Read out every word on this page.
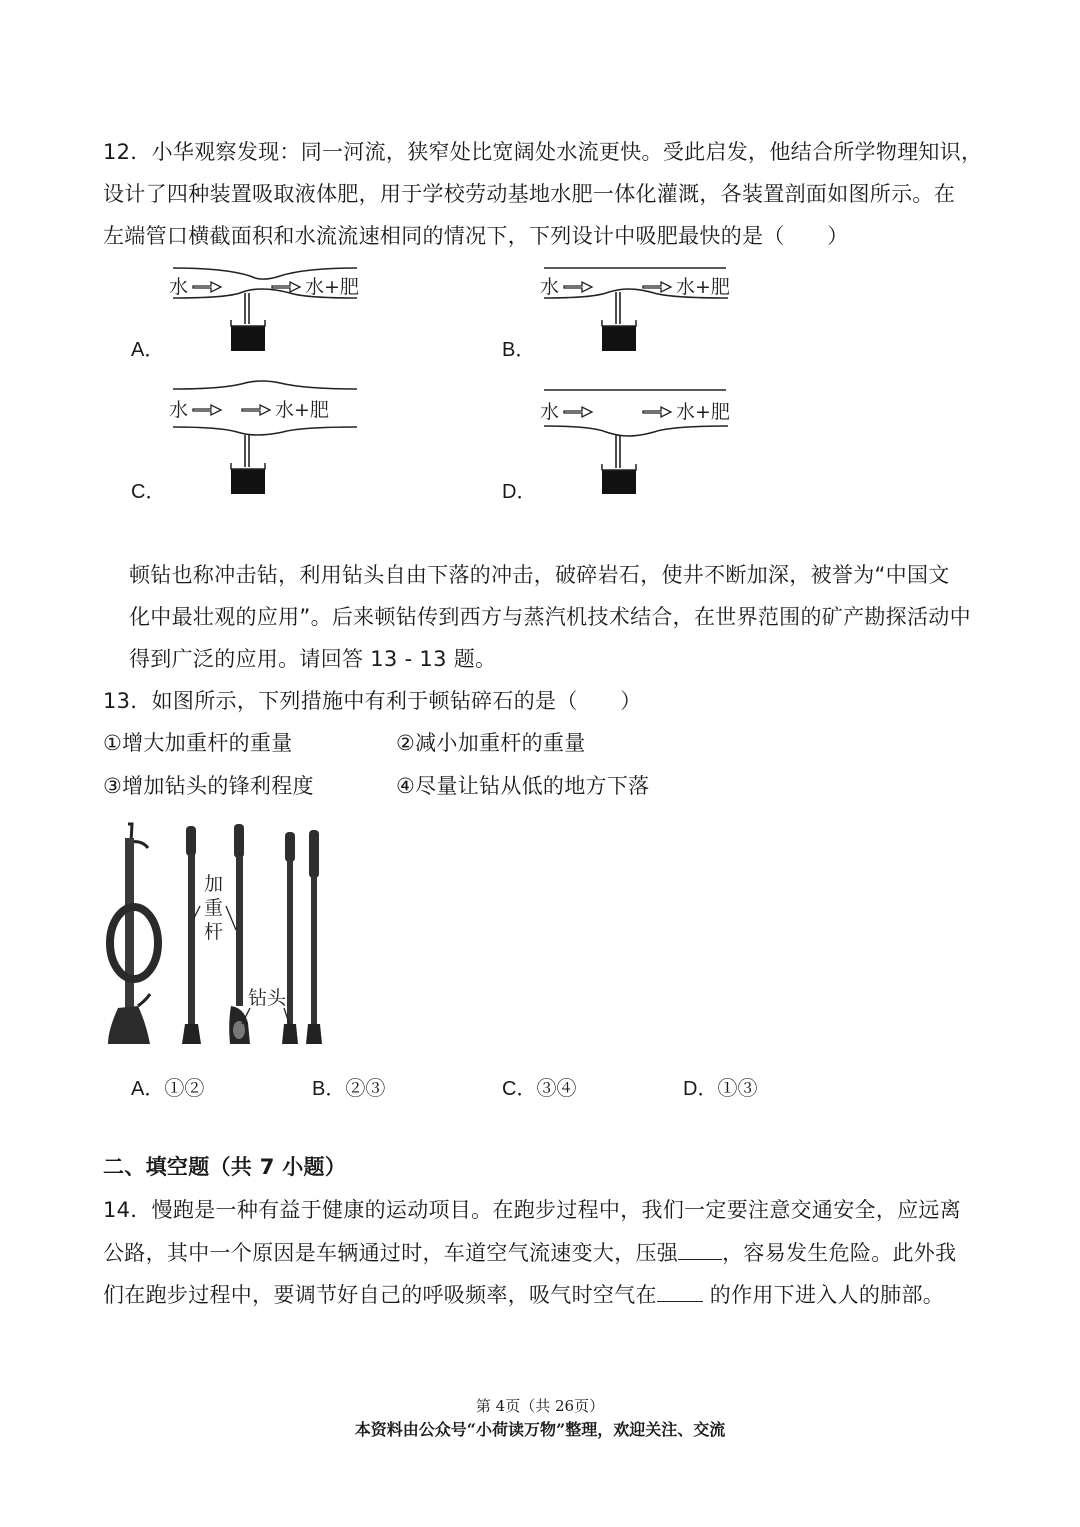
12．小华观察发现：同一河流，狭窄处比宽阔处水流更快。受此启发，他结合所学物理知识，
设计了四种装置吸取液体肥，用于学校劳动基地水肥一体化灌溉，各装置剖面如图所示。在
左端管口横截面积和水流流速相同的情况下，下列设计中吸肥最快的是（　　）
A．	B．
C．	D．
水	水+肥	水	水+肥
水	水+肥	水	水+肥
顿钻也称冲击钻，利用钻头自由下落的冲击，破碎岩石，使井不断加深，被誉为“中国文
化中最壮观的应用”。后来顿钻传到西方与蒸汽机技术结合，在世界范围的矿产勘探活动中
得到广泛的应用。请回答 13 - 13 题。
13．如图所示，下列措施中有利于顿钻碎石的是（　　）
①增大加重杆的重量	②减小加重杆的重量
③增加钻头的锋利程度	④尽量让钻从低的地方下落
加
重
杆
钻头
A．①②	B．②③	C．③④	D．①③
二、填空题（共 7 小题）
14．慢跑是一种有益于健康的运动项目。在跑步过程中，我们一定要注意交通安全，应远离
公路，其中一个原因是车辆通过时，车道空气流速变大，压强 ，容易发生危险。此外我
们在跑步过程中，要调节好自己的呼吸频率，吸气时空气在 的作用下进入人的肺部。
第 4页（共 26页）
本资料由公众号“小荷读万物”整理，欢迎关注、交流
